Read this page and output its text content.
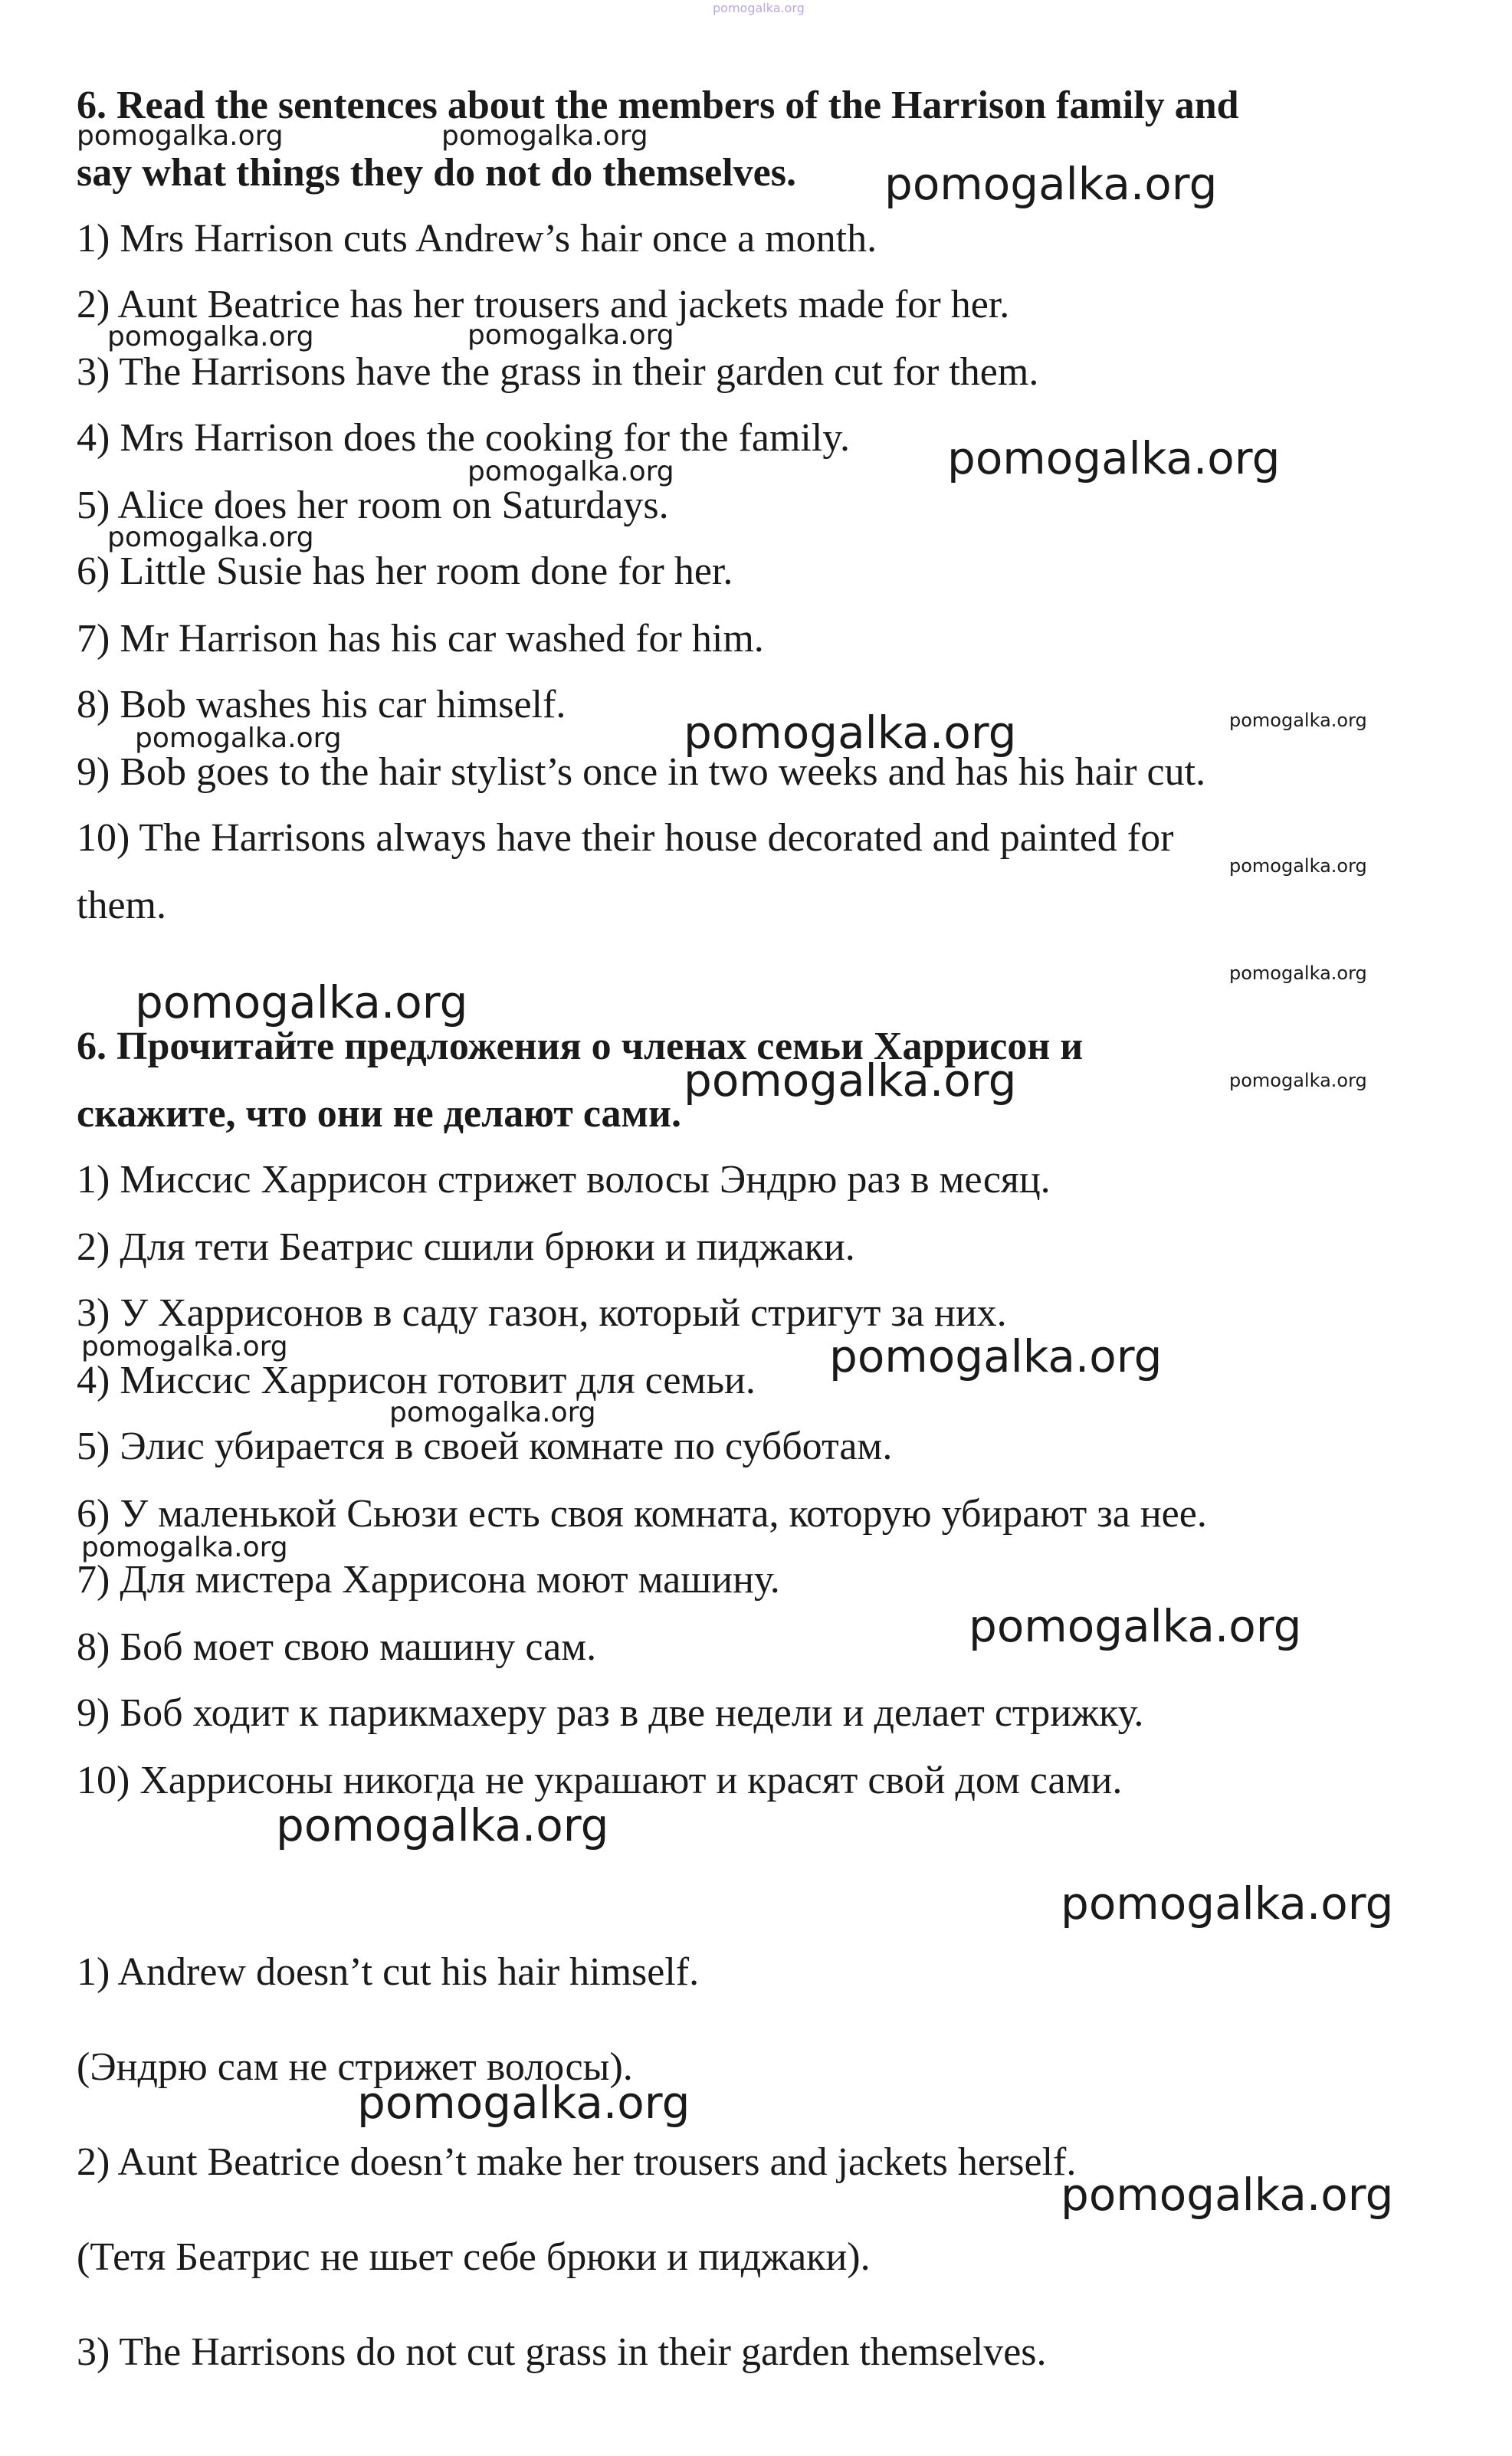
6. Read the sentences about the members of the Harrison family and
say what things they do not do themselves.
1) Mrs Harrison cuts Andrew’s hair once a month.
2) Aunt Beatrice has her trousers and jackets made for her.
3) The Harrisons have the grass in their garden cut for them.
4) Mrs Harrison does the cooking for the family.
5) Alice does her room on Saturdays.
6) Little Susie has her room done for her.
7) Mr Harrison has his car washed for him.
8) Bob washes his car himself.
9) Bob goes to the hair stylist’s once in two weeks and has his hair cut.
10) The Harrisons always have their house decorated and painted for
them.
6. Прочитайте предложения о членах семьи Харрисон и
скажите, что они не делают сами.
1) Миссис Харрисон стрижет волосы Эндрю раз в месяц.
2) Для тети Беатрис сшили брюки и пиджаки.
3) У Харрисонов в саду газон, который стригут за них.
4) Миссис Харрисон готовит для семьи.
5) Элис убирается в своей комнате по субботам.
6) У маленькой Сьюзи есть своя комната, которую убирают за нее.
7) Для мистера Харрисона моют машину.
8) Боб моет свою машину сам.
9) Боб ходит к парикмахеру раз в две недели и делает стрижку.
10) Харрисоны никогда не украшают и красят свой дом сами.
1) Andrew doesn’t cut his hair himself.
(Эндрю сам не стрижет волосы).
2) Aunt Beatrice doesn’t make her trousers and jackets herself.
(Тетя Беатрис не шьет себе брюки и пиджаки).
3) The Harrisons do not cut grass in their garden themselves.
pomogalka.org
pomogalka.org	pomogalka.org
pomogalka.org
pomogalka.org	pomogalka.org
pomogalka.org
pomogalka.org
pomogalka.org
pomogalka.org
pomogalka.org
pomogalka.org
pomogalka.org
pomogalka.org
pomogalka.org
pomogalka.org	pomogalka.org
pomogalka.org	pomogalka.org
pomogalka.org
pomogalka.org
pomogalka.org
pomogalka.org
pomogalka.org
pomogalka.org
pomogalka.org
